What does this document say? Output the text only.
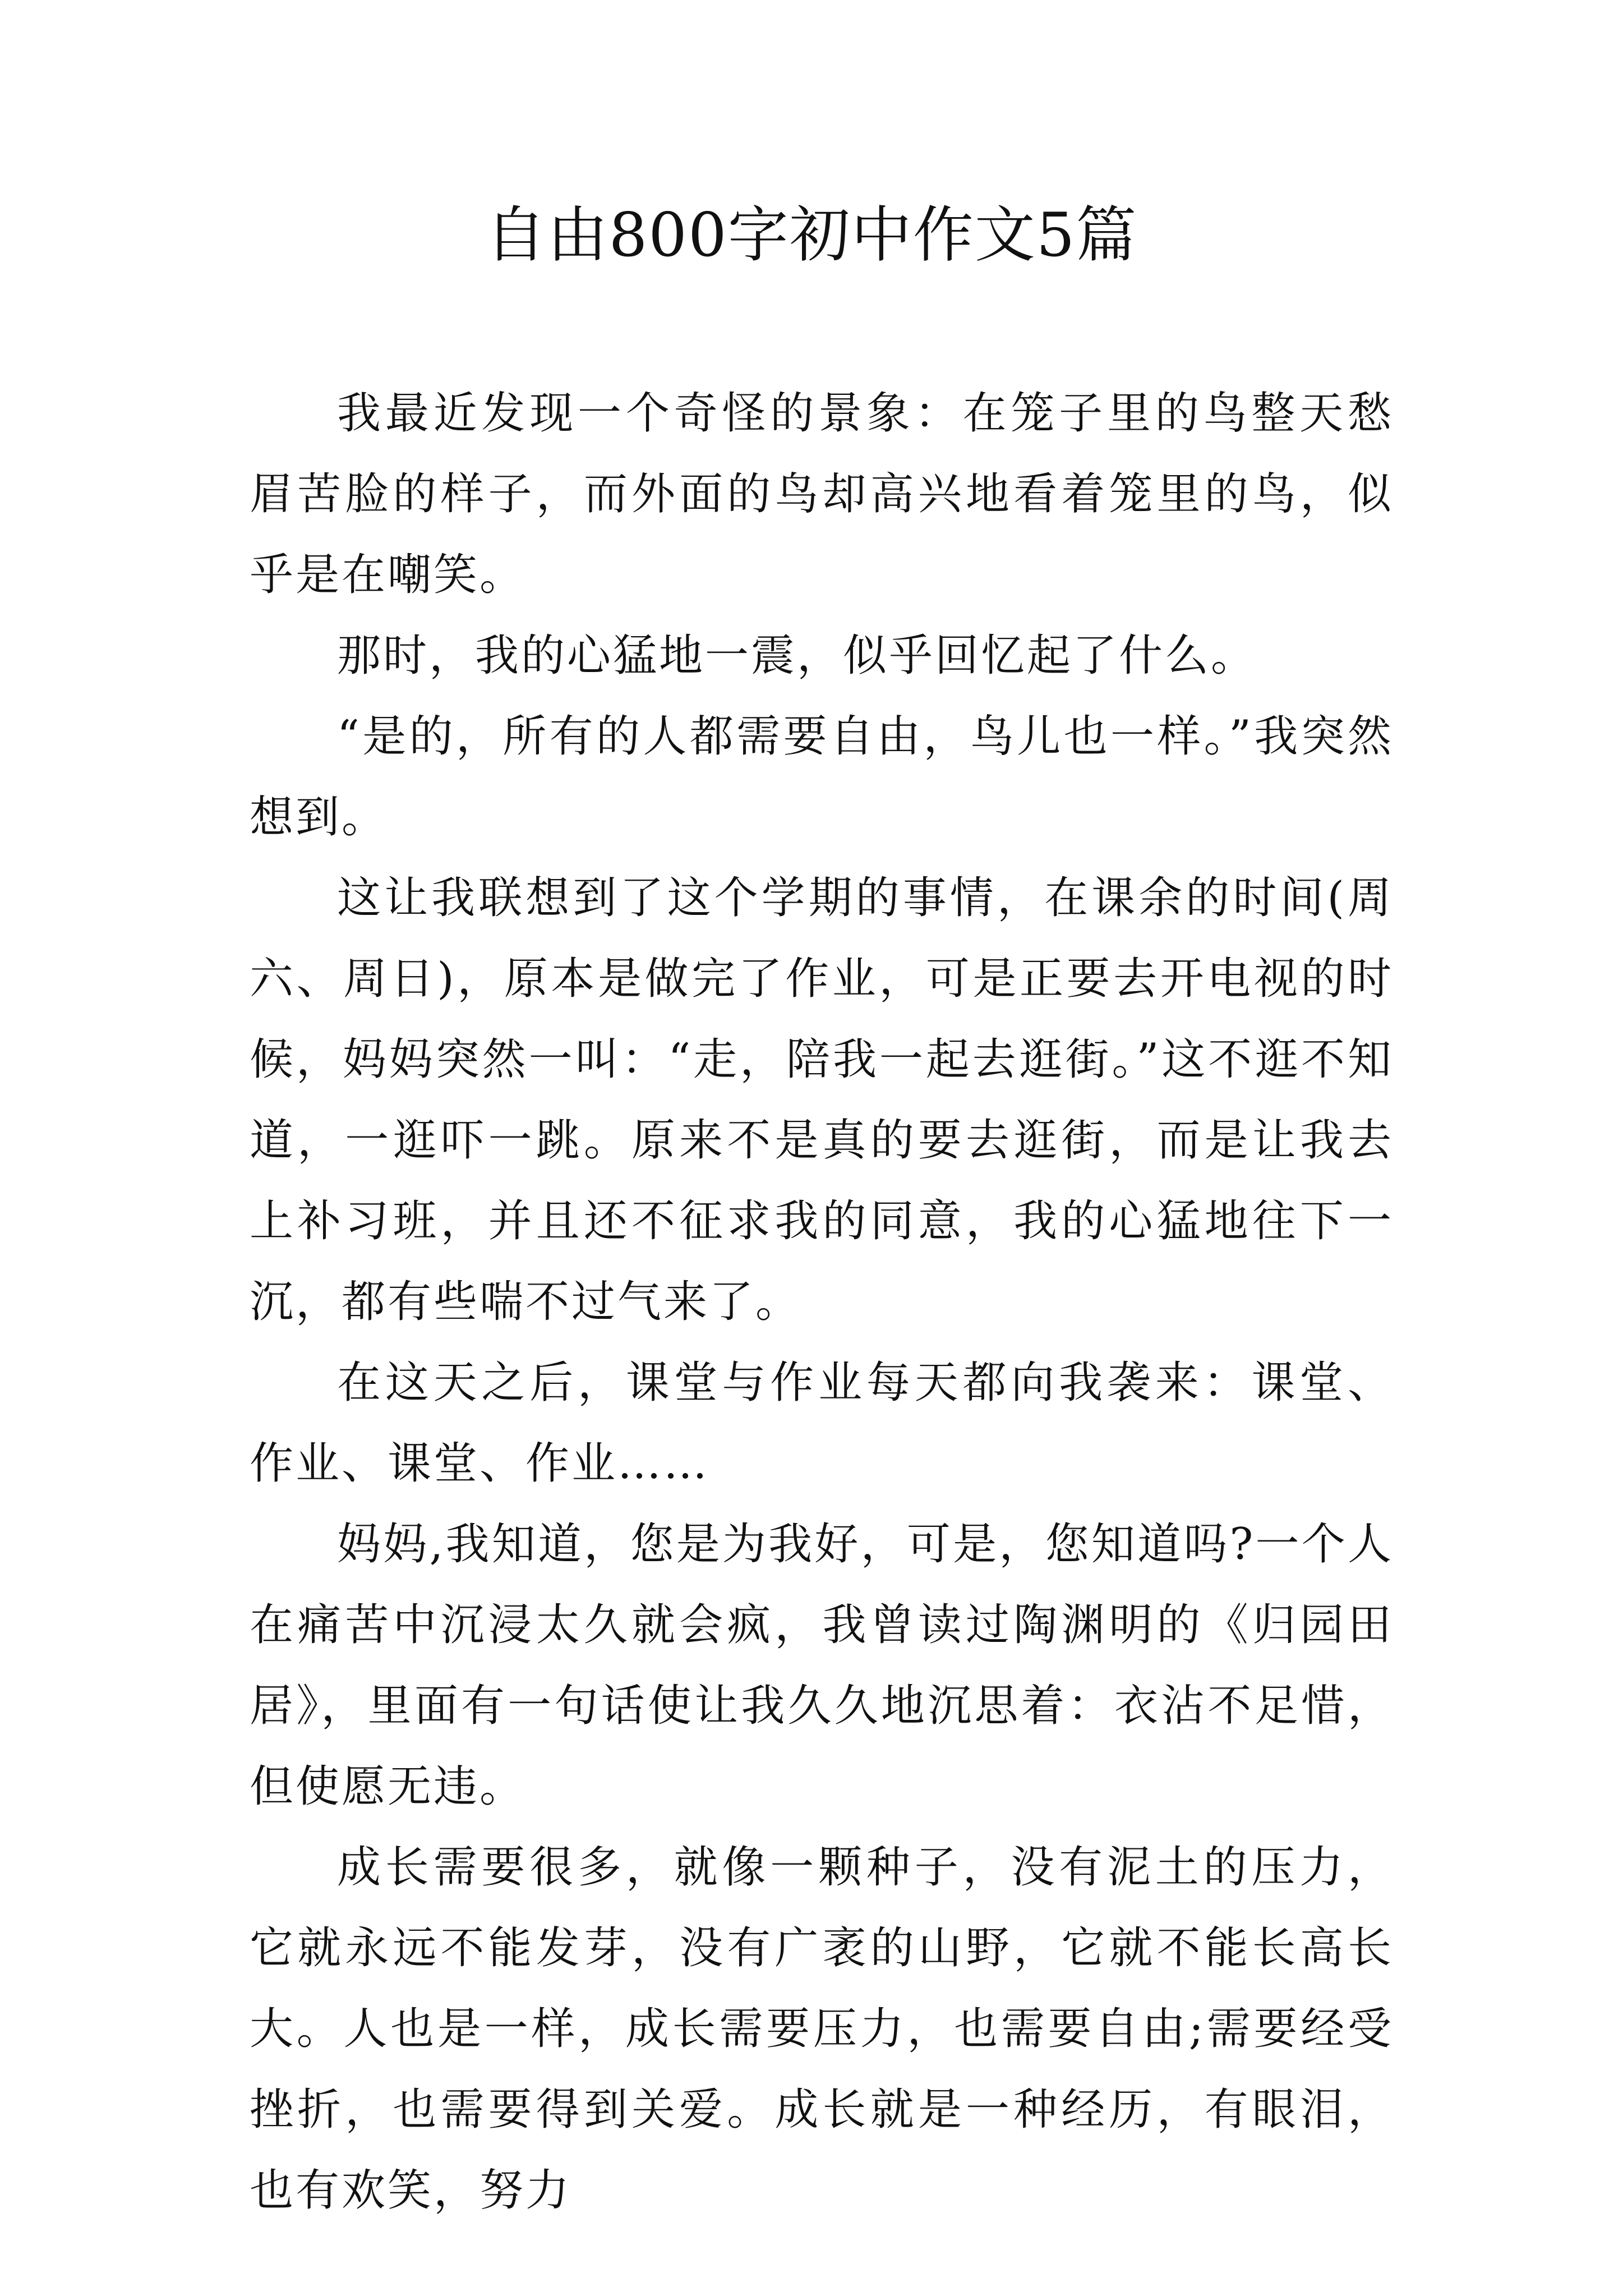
自由800字初中作文5篇

我最近发现一个奇怪的景象：在笼子里的鸟整天愁眉苦脸的样子，而外面的鸟却高兴地看着笼里的鸟，似乎是在嘲笑。

那时，我的心猛地一震，似乎回忆起了什么。

“是的，所有的人都需要自由，鸟儿也一样。”我突然想到。

这让我联想到了这个学期的事情，在课余的时间(周六、周日)，原本是做完了作业，可是正要去开电视的时候，妈妈突然一叫：“走，陪我一起去逛街。”这不逛不知道，一逛吓一跳。原来不是真的要去逛街，而是让我去上补习班，并且还不征求我的同意，我的心猛地往下一沉，都有些喘不过气来了。

在这天之后，课堂与作业每天都向我袭来：课堂、作业、课堂、作业……

妈妈,我知道，您是为我好，可是，您知道吗?一个人在痛苦中沉浸太久就会疯，我曾读过陶渊明的《归园田居》，里面有一句话使让我久久地沉思着：衣沾不足惜，但使愿无违。

成长需要很多，就像一颗种子，没有泥土的压力，它就永远不能发芽，没有广袤的山野，它就不能长高长大。人也是一样，成长需要压力，也需要自由;需要经受挫折，也需要得到关爱。成长就是一种经历，有眼泪，也有欢笑，努力
